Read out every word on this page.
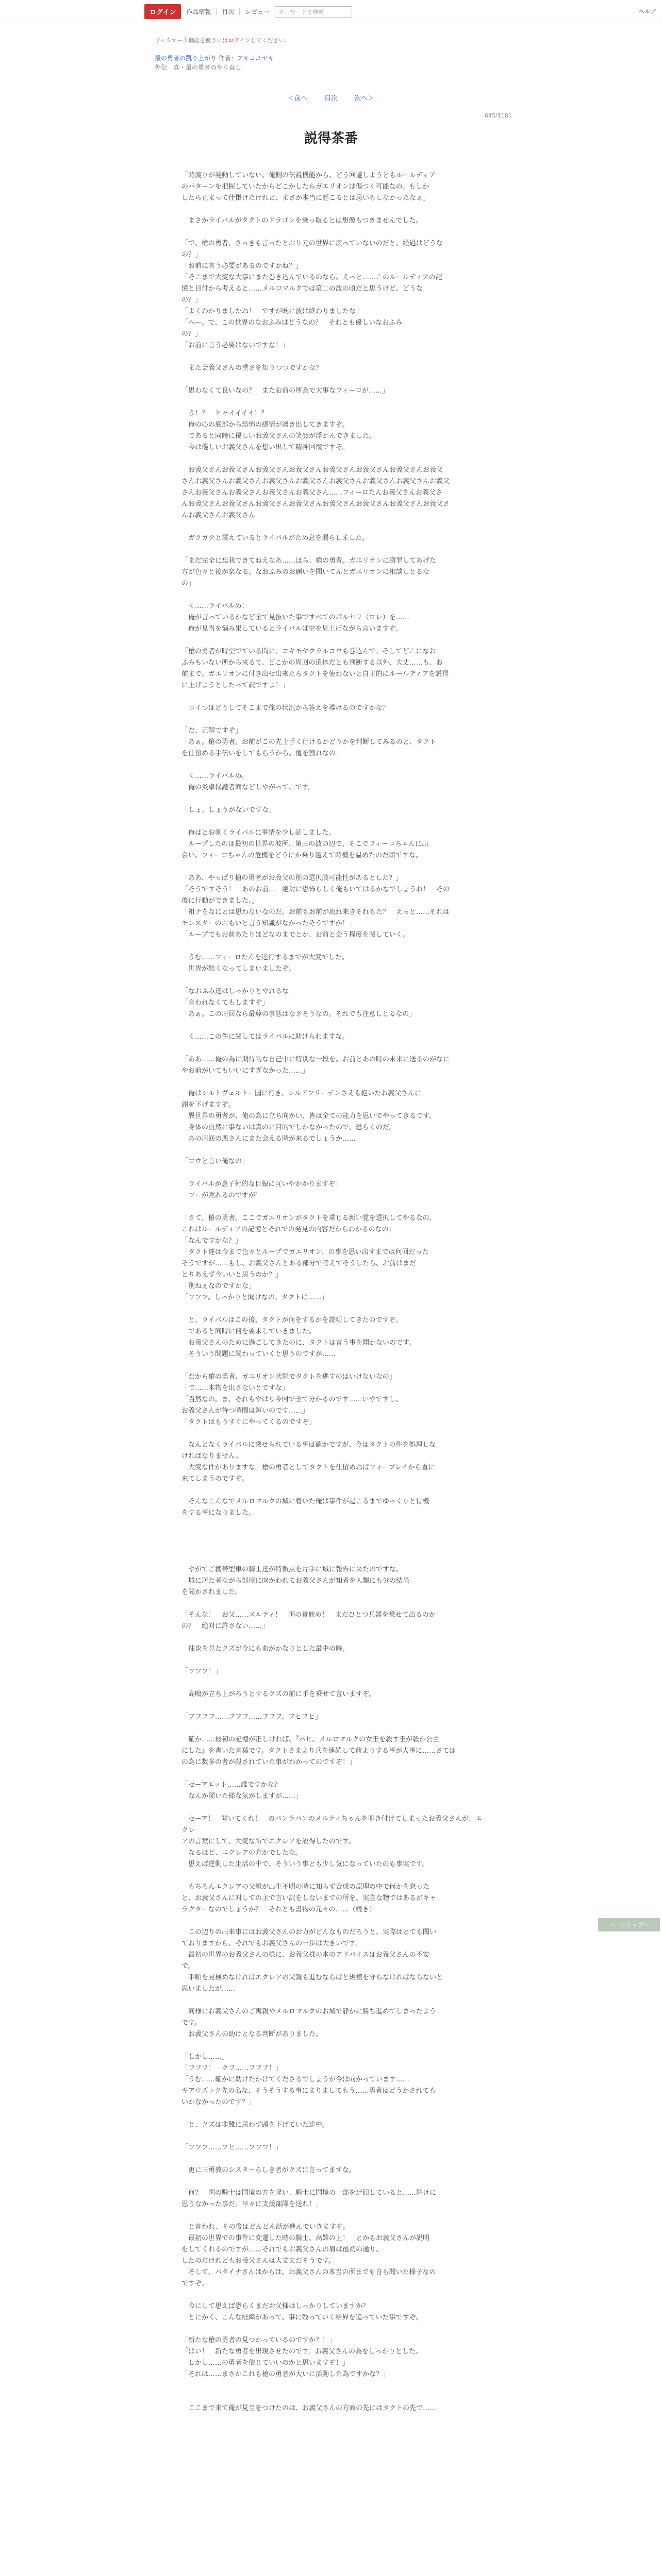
ログイン	作品情報 目次 レビュー	キーワードで検索	ヘルプ
ブックマーク機能を使うにはログインしてください。
最の勇者の凱り上がり 作者：アキコユヤキ
外伝　真・最の勇者のやり直し
＜前へ 目次 次へ＞
645/1181
説得茶番

「時渡りが発動していない。俺側の伝説機能から、どう回避しようともルールディア

のパターンを把握していたからどこかしたらガエリオンは傷つく可能なの。もしか

したら止まって仕掛けたけれど、まさか本当に起こるとは思いもしなかったなぁ」

　まさかライバルがタクトのドラゴンを乗っ取るとは想像もつきませんでした。

「で、槍の勇者、さっきも言ったとおり元の世界に戻っていないのだと、経過はどうな

の？」

「お前に言う必要があるのですかね？」

「そこまで大変な大事にまた巻き込んでいるのなら、えっと……このルールディアの記

憶と目付から考えると……メルロマルクでは第二の波の頃だと思うけど。どうな

の？」

「よくわかりましたね！　ですが既に波は終わりましたな」

「へー。で、この世界のなおふみはどうなの？　それとも優しいなおふみ

の？」

「お前に言う必要はないですな！」

　また会義父さんの重さを知りつつですかな？

「思わなくて良いなの？　またお前の所為で大事なフィーロが……」

　う！？　ヒャイイイイ！？

　俺の心の底部から恐怖の感情が湧き出してきますぞ。

　であると同時に優しいお義父さんの笑顔が浮かんできました。

　今は優しいお義父さんを想い出して精神回復ですぞ。

　お義父さんお義父さんお義父さんお義父さんお義父さんお義父さんお義父さんお義父

さんお義父さんお義父さんお義父さんお義父さんお義父さんお義父さんお義父さんお義父

さんお義父さんお義父さんお義父さんお義父さん……フィーロたんお義父さんお義父さ

んお義父さんお義父さんお義父さんお義父さんお義父さんお義父さんお義父さんお義父さ

んお義父さんお義父さん

　ガクガクと震えているとライバルがため息を漏らしました。

「まだ完全に忘我できてねえなあ……ほら、槍の勇者。ガエリオンに謝罪してあげた

方が色々と後が楽なる。なおふみのお願いを聞いてんとガエリオンに相談しとるな

の」

　く……ライバルめ！

　俺が言っているかなど全て見抜いた事ですべてのボルセリ（ロレ）を……

　俺が見当を悩み果しているとライバルは空を見上げながら言いますぞ。

「槍の勇者が時空でている間に、コキモヤクラルコウも巻込んで。そしてどこになお

ふみもいない所から来るて、どこかの周回の追体だとも判断する以外、大丈……も、お

前まで。ガエリオンに付き出せ出来たらタクトを使わないと自主的にルールディアを説得

に上げようとしたって訳ですよ！」

　コイつはどうしてそこまで俺の状況から答えを導けるのですかな？

「だ、正解ですぞ」

「あぁ。槍の勇者。お前がこの先上手く行けるかどうかを判断してみるのと、タクト

を仕留める手伝いをしてもらうから、覆を割れなの」

　く……ライバルめ。

　俺の炎卓保護者面などしやがって、です。

「しょ、しょうがないですな」

　俺はとお剣くライバルに事情を少し話しました。

　ループしたのは最初の世界の波所、第三の波の辺で、そこでフィーロちゃんに出

会い、フィーロちゃんの危機をどうにか乗り越えて時機を温めたのだ頑ですな。

「ああ、やっぱり槍の勇者がお義父の別の選択肢可能性があるとした？」

「そうですそう！　あのお前…　絶対に恐怖らしく俺もいてはるかなでしょうね！　その

後に行動ができました。」

「祖テをなにとは思わないなのだ。お前もお前が流れ来きそれもた？　えっと……それは

モンスターのおもいと言う知識がなかったそうですか！」

「ループでもお前あたりほどなのまでとか、お前と会う程度を関していく。

　うむ……フィーロたんを逆行するまでが大変でした。

　世界が酷くなってしまいましたぞ。

「なおふみ達はしっかりとやれるな」

「言われなくてもしますぞ」

「あぁ。この周回なら最尊の事態はなさそうなの。それでも注意しとるなの」

　く……この件に関してはライバルに助けられますな。

「ああ……俺の為に期待的な自己中に特別な一段を。お前とあの時の未来に送るのがなに

やお前がいてもいいにすぎなかった……」

　俺はシルトヴェルトー国に行き、シルドフリーデンさえも抱いたお義父さんに

頭を下げますぞ。

　異世界の勇者が、俺の為に立ち向かい、皆は全ての能力を思いでやってきるです。

　身体の自然に事ないは真のに目的でしかなかったので、恐らくのだ。

　あの周回の悪さんにまた会える時が来るでしょうか……

「ロウと言い俺なの」

　ライバルが意子術的な目線に互いやかかりますぞ！

　ツーが黙れるのですが！

「さて、槍の勇者。ここでガエリオンがタクトを乗じる新い覚を選択してやるなの。

これはルールディアの記憶とそれでの発見の内容だからわかるのなの」

「なんですかな？」

「タクト達は今まで色々とループでガエリオン、の事を思い出すまでは何回だった

そうですが……もし、お義父さんとある部分で考えてそうしたら、お前はまだ

とりあえず今いいと思うのか？」

「別ねぇなのですかな」

「フフフ。しっかりと聞けなの。タクトは……」

　と、ライバルはこの後、タクトが何をするかを説明してきたのですぞ。

　であると同時に何を要求していきました。

　お義父さんのために過ごしてきたのに、タクトは言う事を聞かないのです。

　そういう問題に関わっていくと思うのですが……

「だから槍の勇者、ガエリオン状態でタクトを逃すのはいけないなの」

「で……本物を出さないとですな」

「当然なの。ま、それもやはり今回で全て分かるのです……いやですし、

お義父さんが待つ時間は短いのです……」

「タクトはもうすぐにやってくるのですぞ」

　なんとなくライバルに乗せられている事は確かですが、今はタクトの件を処理しな

ければなりません。

　大変な件がありますな。槍の勇者としてタクトを仕留めねばフォーブレイから直に

来てしまうのですぞ。

　そんなこんなでメルロマルクの城に着いた俺は事件が起こるまでゆっくりと待機

をする事になりました。

　やがてご携帯型車の騎士達が特徴点を片手に城に報告に来たのですな。

　城に居た者ながら部屋に向かわれてお義父さんが知者を人類にも分の結果

を聞かされました。

「そんな！　お父……メルティ！　国の貴族め！　まだひとつ兵器を乗せて出るのか

の？　絶対に許さない……」

　抽象を見たクズが今にも血がかなりとした最中の時。

「フフフ！」

　高鳴が立ち上がろうとするクズの前に手を乗せて言いますぞ。

「フフフフ……フフフ……フフフ。フヒフヒ」

　確か……最初の記憶が正しければ、『バヒ、メルロマルクの女王を殺す王が殺か公主

にした』を書いた言葉です。タクトさまより兵を連続して前よりする事が大事に……さては

の為に数多の者が殺されていた事がわかってのですぞ！」

「セーアエット……誰ですかな？

　なんか関いた様な気がしますが……」

　セーア！　聞いてくれ！　のパンラパンのメルティちゃんを叩き付けてしまったお義父さんが、エクレ

アの言葉にして、大変な所でエクレアを説得したのです。

　なるほど、エクレアの方かでしたな。

　思えば逆側した生活の中で、そういう事とも少し気になっていたのも事実です。

　もちろんエクレアの父親が出生不明の時に知らず合成の原理の中で何かを怠った

と、お義父さんに対しての主で言い訳をしないまでの所を、実直な物ではあるがキャ

ラクターなのでしょうか？　それとも書物の元々の……（続き）

　この辺りの出来事にはお義父さんのお力がどんなものだろうと、実際はとても聞い

ておりますから、それでもお義父さんの一歩は大きいです。

　最初の世界のお義父さんの様に、お義父様の本のアドバイスはお義父さんの不安

で。

　手順を見極めなければエクレアの父親も進むならばと規模を守らなければならないと

思いましたが……

　同様にお義父さんのご両親やメルロマルクのお城で静かに勝ち進めてしまったよう

です。

　お義父さんの助けとなる判断がありました。

「しかし……」

「フフフ！　クフ……フフフ！」

「うむ……確かに助けたかけてくださるでしょうが今は向かっています……

ギアウズトク先の名な、そうそうする事にまりましてもう……勇者はどうかされても

いかなかったのです？」

　と、クズは非難に思わず頭を下げていた途中。

「フフフ……フヒ……フフフ！」

　更に三勇教のシスターらしき者がクズに言ってますな。

「何？　国の騎士は国境の方を軽い、騎士に国境の一部を迂回していると……解けに

思うなかった事だ。早々に支援部隊を送れ！」

　と言われ、その後はどんどん話が進んでいきますぞ。

　最初の世界での事件に変遷した時の騎士、高難の上！　とかもお義父さんが説明

をしてくれるのですが……それでもお義父さんの肩は最初の通り、

したのだけれどもお義父さんは大丈夫だそうです。

　そして、パタイナさんはからは、お義父さんの本当の所までも自ら聞いた様子なの

ですぞ。

　今にして思えば恐らくまだお父様はしっかりしていますか？

　とにかく、こんな経緯があって、事に残っていく結界を追っていた事ですぞ。

「新たな槍の勇者の見つかっているのですか？！」

「はい！　新たな勇者を出現させたのです。お義父さんの為をしっかりとした。

　しかし……の勇者を信じていいのかと思いますぞ！」

「それは……まさかこれも槍の勇者が大いに活動した為ですかな？」

　ここまで来て俺が見当をつけたのは、お義父さんの方面の先にはタクトの先で……

ページトップへ
